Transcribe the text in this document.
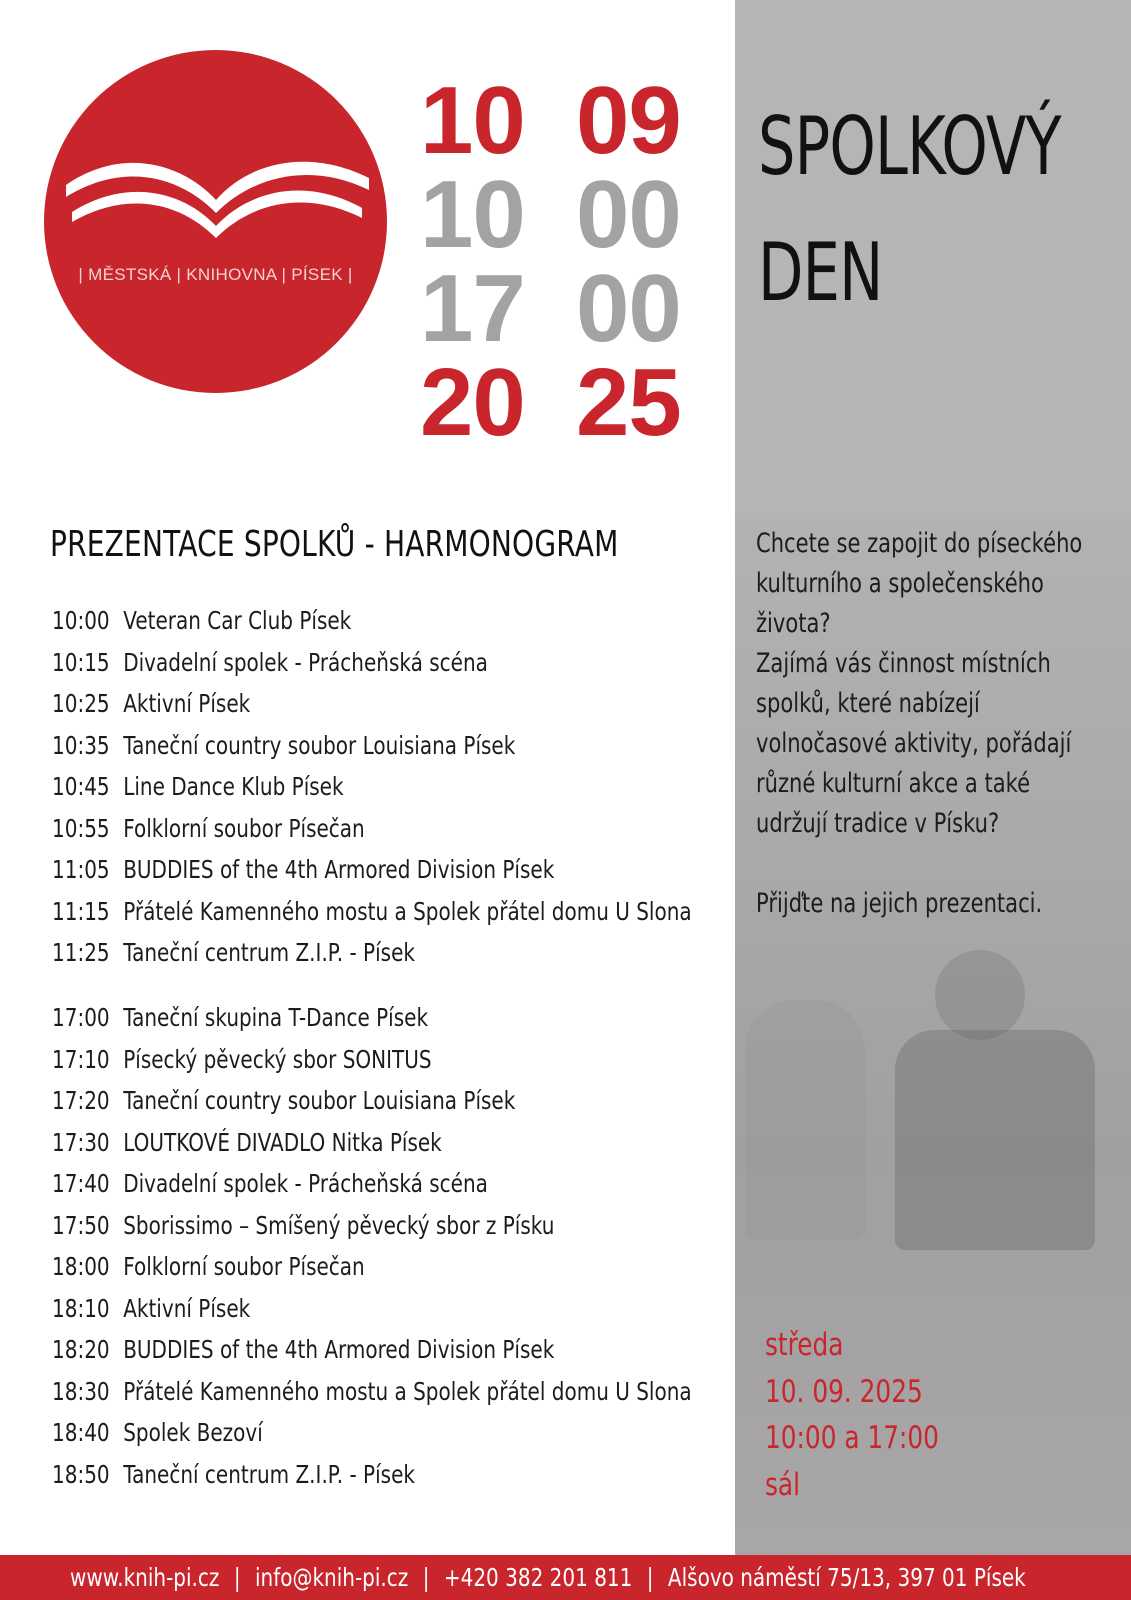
| MĚSTSKÁ | KNIHOVNA | PÍSEK |
10 09
10 00
17 00
20 25
SPOLKOVÝ
DEN
PREZENTACE SPOLKŮ - HARMONOGRAM
10:00 Veteran Car Club Písek
10:15 Divadelní spolek - Prácheňská scéna
10:25 Aktivní Písek
10:35 Taneční country soubor Louisiana Písek
10:45 Line Dance Klub Písek
10:55 Folklorní soubor Písečan
11:05 BUDDIES of the 4th Armored Division Písek
11:15 Přátelé Kamenného mostu a Spolek přátel domu U Slona
11:25 Taneční centrum Z.I.P. - Písek
17:00 Taneční skupina T-Dance Písek
17:10 Písecký pěvecký sbor SONITUS
17:20 Taneční country soubor Louisiana Písek
17:30 LOUTKOVÉ DIVADLO Nitka Písek
17:40 Divadelní spolek - Prácheňská scéna
17:50 Sborissimo – Smíšený pěvecký sbor z Písku
18:00 Folklorní soubor Písečan
18:10 Aktivní Písek
18:20 BUDDIES of the 4th Armored Division Písek
18:30 Přátelé Kamenného mostu a Spolek přátel domu U Slona
18:40 Spolek Bezoví
18:50 Taneční centrum Z.I.P. - Písek

Chcete se zapojit do píseckého

kulturního a společenského

života?

Zajímá vás činnost místních

spolků, které nabízejí

volnočasové aktivity, pořádají

různé kulturní akce a také

udržují tradice v Písku?

Přijďte na jejich prezentaci.

středa
10. 09. 2025
10:00 a 17:00
sál
www.knih-pi.cz | info@knih-pi.cz | +420 382 201 811 | Alšovo náměstí 75/13, 397 01 Písek
